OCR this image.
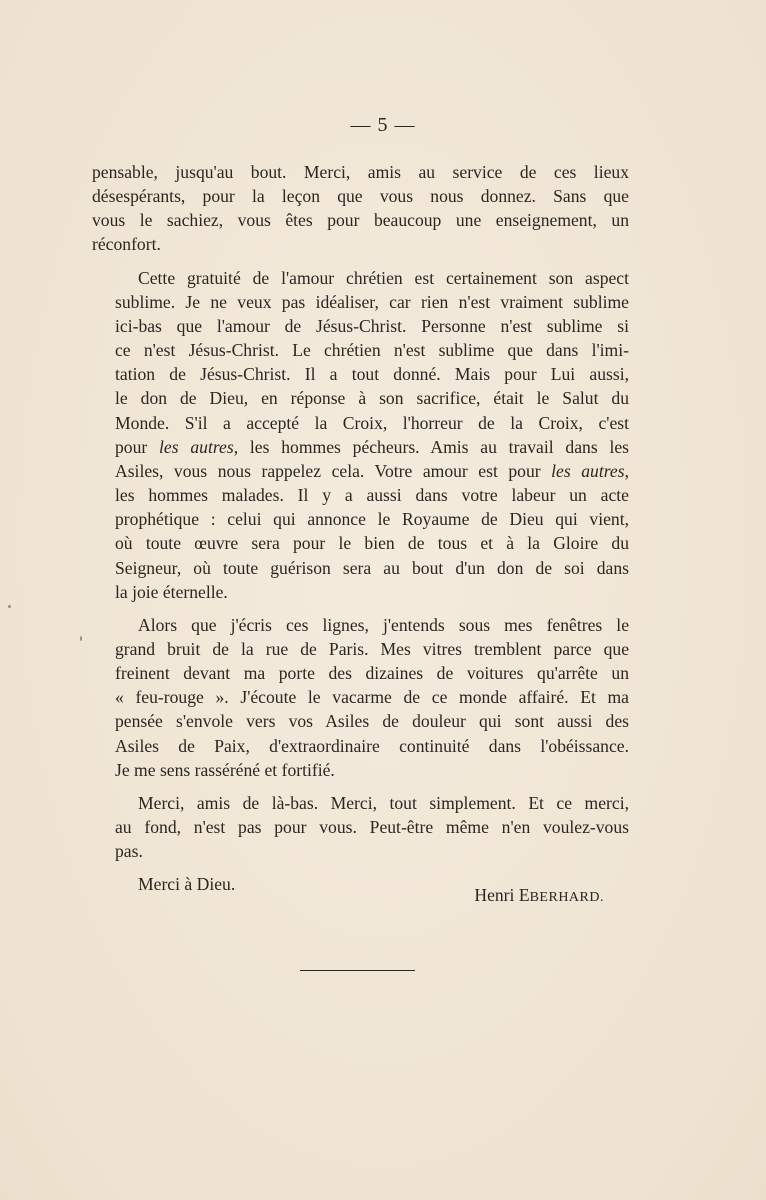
— 5 —
pensable, jusqu'au bout. Merci, amis au service de ces lieux
désespérants, pour la leçon que vous nous donnez. Sans que
vous le sachiez, vous êtes pour beaucoup une enseignement, un
réconfort.
Cette gratuité de l'amour chrétien est certainement son aspect
sublime. Je ne veux pas idéaliser, car rien n'est vraiment sublime
ici-bas que l'amour de Jésus-Christ. Personne n'est sublime si
ce n'est Jésus-Christ. Le chrétien n'est sublime que dans l'imi-
tation de Jésus-Christ. Il a tout donné. Mais pour Lui aussi,
le don de Dieu, en réponse à son sacrifice, était le Salut du
Monde. S'il a accepté la Croix, l'horreur de la Croix, c'est
pour les autres, les hommes pécheurs. Amis au travail dans les
Asiles, vous nous rappelez cela. Votre amour est pour les autres,
les hommes malades. Il y a aussi dans votre labeur un acte
prophétique : celui qui annonce le Royaume de Dieu qui vient,
où toute œuvre sera pour le bien de tous et à la Gloire du
Seigneur, où toute guérison sera au bout d'un don de soi dans
la joie éternelle.
Alors que j'écris ces lignes, j'entends sous mes fenêtres le
grand bruit de la rue de Paris. Mes vitres tremblent parce que
freinent devant ma porte des dizaines de voitures qu'arrête un
« feu-rouge ». J'écoute le vacarme de ce monde affairé. Et ma
pensée s'envole vers vos Asiles de douleur qui sont aussi des
Asiles de Paix, d'extraordinaire continuité dans l'obéissance.
Je me sens rasséréné et fortifié.
Merci, amis de là-bas. Merci, tout simplement. Et ce merci,
au fond, n'est pas pour vous. Peut-être même n'en voulez-vous
pas.
Merci à Dieu.
Henri EBERHARD.
